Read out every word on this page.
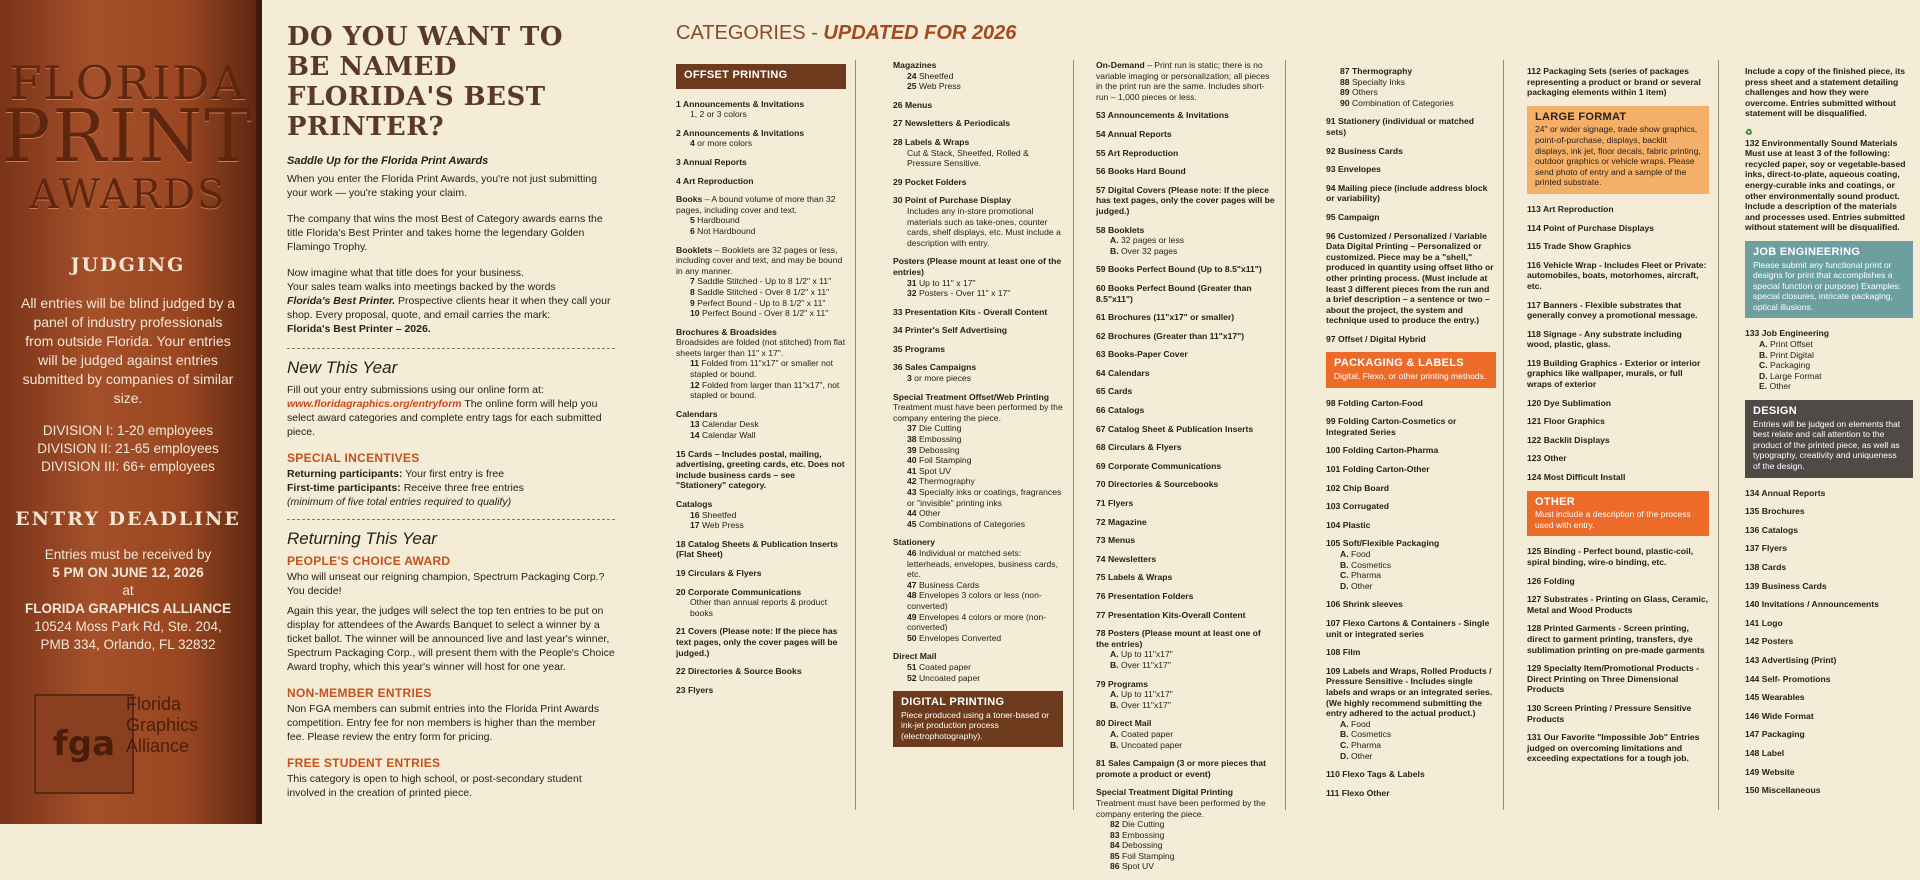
FLORIDA
PRINT
AWARDS
JUDGING
All entries will be blind judged by a panel of industry professionals from outside Florida. Your entries will be judged against entries submitted by companies of similar size.
DIVISION I: 1-20 employees
DIVISION II: 21-65 employees
DIVISION III: 66+ employees
ENTRY DEADLINE
Entries must be received by
5 PM ON JUNE 12, 2026
at
FLORIDA GRAPHICS ALLIANCE
10524 Moss Park Rd, Ste. 204,
PMB 334, Orlando, FL 32832
fga
Florida
Graphics
Alliance
DO YOU WANT TO BE NAMED FLORIDA'S BEST PRINTER?
Saddle Up for the Florida Print Awards

When you enter the Florida Print Awards, you're not just submitting your work — you're staking your claim.

The company that wins the most Best of Category awards earns the title Florida's Best Printer and takes home the legendary Golden Flamingo Trophy.

Now imagine what that title does for your business.
Your sales team walks into meetings backed by the words
Florida's Best Printer. Prospective clients hear it when they call your shop. Every proposal, quote, and email carries the mark:
Florida's Best Printer – 2026.

New This Year

Fill out your entry submissions using our online form at:
www.floridagraphics.org/entryform The online form will help you select award categories and complete entry tags for each submitted piece.

SPECIAL INCENTIVES
Returning participants: Your first entry is free
First-time participants: Receive three free entries
(minimum of five total entries required to qualify)
Returning This Year
PEOPLE'S CHOICE AWARD

Who will unseat our reigning champion, Spectrum Packaging Corp.? You decide!

Again this year, the judges will select the top ten entries to be put on display for attendees of the Awards Banquet to select a winner by a ticket ballot. The winner will be announced live and last year's winner, Spectrum Packaging Corp., will present them with the People's Choice Award trophy, which this year's winner will host for one year.

NON-MEMBER ENTRIES

Non FGA members can submit entries into the Florida Print Awards competition. Entry fee for non members is higher than the member fee. Please review the entry form for pricing.

FREE STUDENT ENTRIES

This category is open to high school, or post-secondary student involved in the creation of printed piece.

CATEGORIES - UPDATED FOR 2026
OFFSET PRINTING
1 Announcements & Invitations
1, 2 or 3 colors
2 Announcements & Invitations
4 or more colors
3 Annual Reports
4 Art Reproduction
Books – A bound volume of more than 32 pages, including cover and text.
5 Hardbound
6 Not Hardbound
Booklets – Booklets are 32 pages or less, including cover and text, and may be bound in any manner.
7 Saddle Stitched - Up to 8 1/2" x 11"
8 Saddle Stitched - Over 8 1/2" x 11"
9 Perfect Bound - Up to 8 1/2" x 11"
10 Perfect Bound - Over 8 1/2" x 11"
Brochures & Broadsides
Broadsides are folded (not stitched) from flat sheets larger than 11" x 17".
11 Folded from 11"x17" or smaller not stapled or bound.
12 Folded from larger than 11"x17", not stapled or bound.
Calendars
13 Calendar Desk
14 Calendar Wall
15 Cards – Includes postal, mailing, advertising, greeting cards, etc. Does not include business cards – see "Stationery" category.
Catalogs
16 Sheetfed
17 Web Press
18 Catalog Sheets & Publication Inserts (Flat Sheet)
19 Circulars & Flyers
20 Corporate Communications
Other than annual reports & product books
21 Covers (Please note: If the piece has text pages, only the cover pages will be judged.)
22 Directories & Source Books
23 Flyers
Magazines
24 Sheetfed
25 Web Press
26 Menus
27 Newsletters & Periodicals
28 Labels & Wraps
Cut & Stack, Sheetfed, Rolled & Pressure Sensitive.
29 Pocket Folders
30 Point of Purchase Display
Includes any in-store promotional materials such as take-ones, counter cards, shelf displays, etc. Must include a description with entry.
Posters (Please mount at least one of the entries)
31 Up to 11" x 17"
32 Posters - Over 11" x 17"
33 Presentation Kits - Overall Content
34 Printer's Self Advertising
35 Programs
36 Sales Campaigns
3 or more pieces
Special Treatment Offset/Web Printing
Treatment must have been performed by the company entering the piece.
37 Die Cutting
38 Embossing
39 Debossing
40 Foil Stamping
41 Spot UV
42 Thermography
43 Specialty inks or coatings, fragrances or "invisible" printing inks
44 Other
45 Combinations of Categories
Stationery
46 Individual or matched sets: letterheads, envelopes, business cards, etc.
47 Business Cards
48 Envelopes 3 colors or less (non-converted)
49 Envelopes 4 colors or more (non-converted)
50 Envelopes Converted
Direct Mail
51 Coated paper
52 Uncoated paper
DIGITAL PRINTING
Piece produced using a toner-based or ink-jet production process (electrophotography).
On-Demand – Print run is static; there is no variable imaging or personalization; all pieces in the print run are the same. Includes short-run – 1,000 pieces or less.
53 Announcements & Invitations
54 Annual Reports
55 Art Reproduction
56 Books Hard Bound
57 Digital Covers (Please note: If the piece has text pages, only the cover pages will be judged.)
58 Booklets
A. 32 pages or less
B. Over 32 pages
59 Books Perfect Bound (Up to 8.5"x11")
60 Books Perfect Bound (Greater than 8.5"x11")
61 Brochures (11"x17" or smaller)
62 Brochures (Greater than 11"x17")
63 Books-Paper Cover
64 Calendars
65 Cards
66 Catalogs
67 Catalog Sheet & Publication Inserts
68 Circulars & Flyers
69 Corporate Communications
70 Directories & Sourcebooks
71 Flyers
72 Magazine
73 Menus
74 Newsletters
75 Labels & Wraps
76 Presentation Folders
77 Presentation Kits-Overall Content
78 Posters (Please mount at least one of the entries)
A. Up to 11"x17"
B. Over 11"x17"
79 Programs
A. Up to 11"x17"
B. Over 11"x17"
80 Direct Mail
A. Coated paper
B. Uncoated paper
81 Sales Campaign (3 or more pieces that promote a product or event)
Special Treatment Digital Printing
Treatment must have been performed by the company entering the piece.
82 Die Cutting
83 Embossing
84 Debossing
85 Foil Stamping
86 Spot UV
87 Thermography
88 Specialty Inks
89 Others
90 Combination of Categories
91 Stationery (individual or matched sets)
92 Business Cards
93 Envelopes
94 Mailing piece (include address block or variability)
95 Campaign
96 Customized / Personalized / Variable Data Digital Printing – Personalized or customized. Piece may be a "shell," produced in quantity using offset litho or other printing process. (Must include at least 3 different pieces from the run and a brief description – a sentence or two – about the project, the system and technique used to produce the entry.)
97 Offset / Digital Hybrid
PACKAGING & LABELS
Digital, Flexo, or other printing methods.
98 Folding Carton-Food
99 Folding Carton-Cosmetics or Integrated Series
100 Folding Carton-Pharma
101 Folding Carton-Other
102 Chip Board
103 Corrugated
104 Plastic
105 Soft/Flexible Packaging
A. Food
B. Cosmetics
C. Pharma
D. Other
106 Shrink sleeves
107 Flexo Cartons & Containers - Single unit or integrated series
108 Film
109 Labels and Wraps, Rolled Products / Pressure Sensitive - Includes single labels and wraps or an integrated series. (We highly recommend submitting the entry adhered to the actual product.)
A. Food
B. Cosmetics
C. Pharma
D. Other
110 Flexo Tags & Labels
111 Flexo Other
112 Packaging Sets (series of packages representing a product or brand or several packaging elements within 1 item)
LARGE FORMAT
24" or wider signage, trade show graphics, point-of-purchase, displays, backlit displays, ink jet, floor decals, fabric printing, outdoor graphics or vehicle wraps. Please send photo of entry and a sample of the printed substrate.
113 Art Reproduction
114 Point of Purchase Displays
115 Trade Show Graphics
116 Vehicle Wrap - Includes Fleet or Private: automobiles, boats, motorhomes, aircraft, etc.
117 Banners - Flexible substrates that generally convey a promotional message.
118 Signage - Any substrate including wood, plastic, glass.
119 Building Graphics - Exterior or interior graphics like wallpaper, murals, or full wraps of exterior
120 Dye Sublimation
121 Floor Graphics
122 Backlit Displays
123 Other
124 Most Difficult Install
OTHER
Must include a description of the process used with entry.
125 Binding - Perfect bound, plastic-coil, spiral binding, wire-o binding, etc.
126 Folding
127 Substrates - Printing on Glass, Ceramic, Metal and Wood Products
128 Printed Garments - Screen printing, direct to garment printing, transfers, dye sublimation printing on pre-made garments
129 Specialty Item/Promotional Products - Direct Printing on Three Dimensional Products
130 Screen Printing / Pressure Sensitive Products
131 Our Favorite "Impossible Job" Entries judged on overcoming limitations and exceeding expectations for a tough job.
Include a copy of the finished piece, its press sheet and a statement detailing challenges and how they were overcome. Entries submitted without statement will be disqualified.
♻
132 Environmentally Sound Materials Must use at least 3 of the following: recycled paper, soy or vegetable-based inks, direct-to-plate, aqueous coating, energy-curable inks and coatings, or other environmentally sound product. Include a description of the materials and processes used. Entries submitted without statement will be disqualified.
JOB ENGINEERING
Please submit any functional print or designs for print that accomplishes a special function or purpose) Examples: special closures, intricate packaging, optical illusions.
133 Job Engineering
A. Print Offset
B. Print Digital
C. Packaging
D. Large Format
E. Other
DESIGN
Entries will be judged on elements that best relate and call attention to the product of the printed piece, as well as typography, creativity and uniqueness of the design.
134 Annual Reports
135 Brochures
136 Catalogs
137 Flyers
138 Cards
139 Business Cards
140 Invitations / Announcements
141 Logo
142 Posters
143 Advertising (Print)
144 Self- Promotions
145 Wearables
146 Wide Format
147 Packaging
148 Label
149 Website
150 Miscellaneous
